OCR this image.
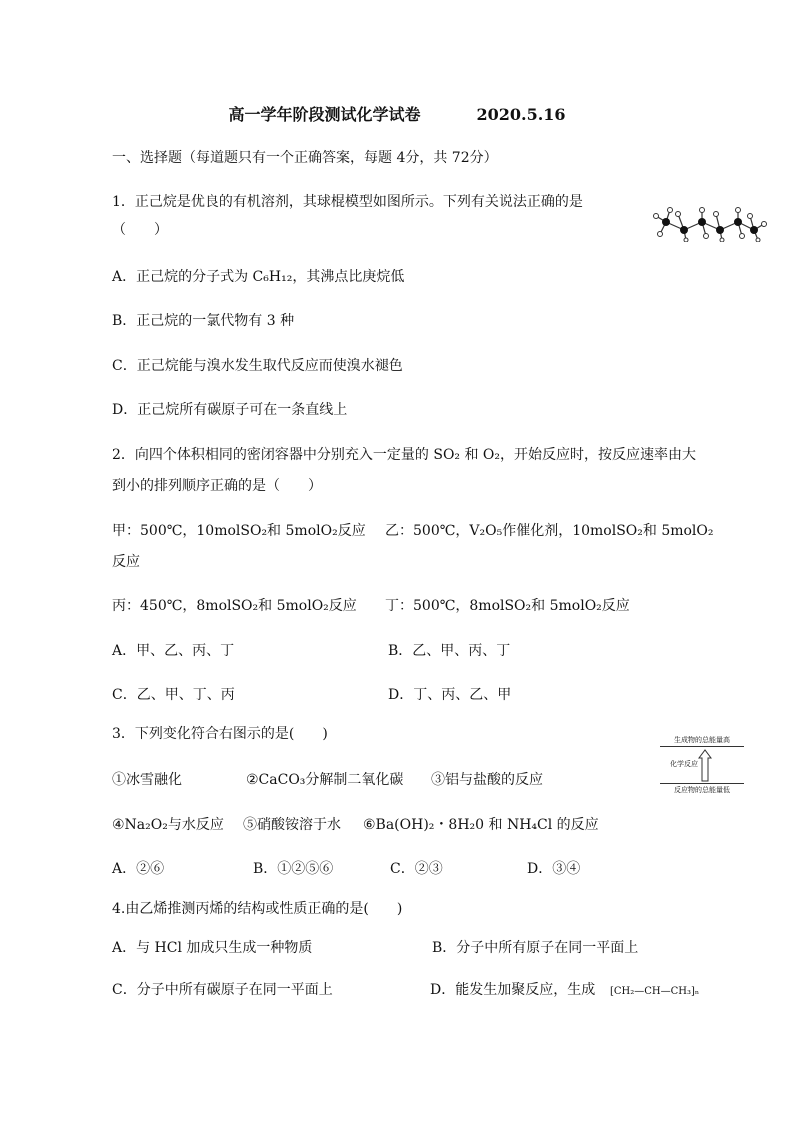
高一学年阶段测试化学试卷	2020.5.16
一、选择题（每道题只有一个正确答案，每题 4分，共 72分）
1．正己烷是优良的有机溶剂，其球棍模型如图所示。下列有关说法正确的是
（　　）
A．正己烷的分子式为 C₆H₁₂，其沸点比庚烷低
B．正己烷的一氯代物有 3 种
C．正己烷能与溴水发生取代反应而使溴水褪色
D．正己烷所有碳原子可在一条直线上
2．向四个体积相同的密闭容器中分别充入一定量的 SO₂ 和 O₂，开始反应时，按反应速率由大
到小的排列顺序正确的是（　　）
甲：500℃，10molSO₂和 5molO₂反应 乙：500℃，V₂O₅作催化剂，10molSO₂和 5molO₂
反应
丙：450℃，8molSO₂和 5molO₂反应 丁：500℃，8molSO₂和 5molO₂反应
A．甲、乙、丙、丁	B．乙、甲、丙、丁
C．乙、甲、丁、丙	D．丁、丙、乙、甲
3．下列变化符合右图示的是(　　)	生成物的总能量高
化学反应
反应物的总能量低
①冰雪融化	②CaCO₃分解制二氧化碳 ③铝与盐酸的反应
④Na₂O₂与水反应 ⑤硝酸铵溶于水 ⑥Ba(OH)₂・8H₂0 和 NH₄Cl 的反应
A．②⑥	B．①②⑤⑥	C．②③	D．③④
4.由乙烯推测丙烯的结构或性质正确的是(　　)
A．与 HCl 加成只生成一种物质	B．分子中所有原子在同一平面上
C．分子中所有碳原子在同一平面上	D．能发生加聚反应，生成 [CH₂—CH—CH₃]ₙ
